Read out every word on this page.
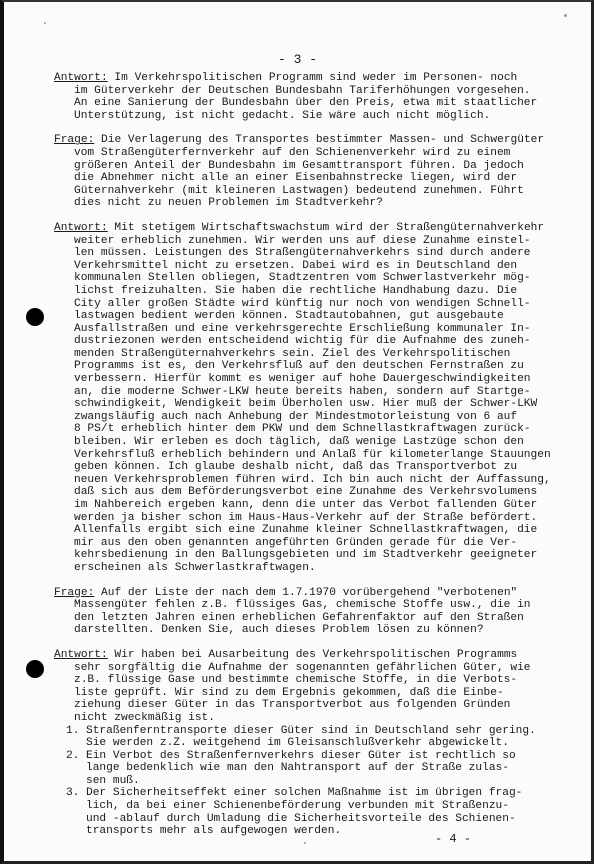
- 3 -
Antwort: Im Verkehrspolitischen Programm sind weder im Personen- noch
im Güterverkehr der Deutschen Bundesbahn Tariferhöhungen vorgesehen.
An eine Sanierung der Bundesbahn über den Preis, etwa mit staatlicher
Unterstützung, ist nicht gedacht. Sie wäre auch nicht möglich.
Frage: Die Verlagerung des Transportes bestimmter Massen- und Schwergüter
vom Straßengüterfernverkehr auf den Schienenverkehr wird zu einem
größeren Anteil der Bundesbahn im Gesamttransport führen. Da jedoch
die Abnehmer nicht alle an einer Eisenbahnstrecke liegen, wird der
Güternahverkehr (mit kleineren Lastwagen) bedeutend zunehmen. Führt
dies nicht zu neuen Problemen im Stadtverkehr?
Antwort: Mit stetigem Wirtschaftswachstum wird der Straßengüternahverkehr
weiter erheblich zunehmen. Wir werden uns auf diese Zunahme einstel-
len müssen. Leistungen des Straßengüternahverkehrs sind durch andere
Verkehrsmittel nicht zu ersetzen. Dabei wird es in Deutschland den
kommunalen Stellen obliegen, Stadtzentren vom Schwerlastverkehr mög-
lichst freizuhalten. Sie haben die rechtliche Handhabung dazu. Die
City aller großen Städte wird künftig nur noch von wendigen Schnell-
lastwagen bedient werden können. Stadtautobahnen, gut ausgebaute
Ausfallstraßen und eine verkehrsgerechte Erschließung kommunaler In-
dustriezonen werden entscheidend wichtig für die Aufnahme des zuneh-
menden Straßengüternahverkehrs sein. Ziel des Verkehrspolitischen
Programms ist es, den Verkehrsfluß auf den deutschen Fernstraßen zu
verbessern. Hierfür kommt es weniger auf hohe Dauergeschwindigkeiten
an, die moderne Schwer-LKW heute bereits haben, sondern auf Startge-
schwindigkeit, Wendigkeit beim Überholen usw. Hier muß der Schwer-LKW
zwangsläufig auch nach Anhebung der Mindestmotorleistung von 6 auf
8 PS/t erheblich hinter dem PKW und dem Schnellastkraftwagen zurück-
bleiben. Wir erleben es doch täglich, daß wenige Lastzüge schon den
Verkehrsfluß erheblich behindern und Anlaß für kilometerlange Stauungen
geben können. Ich glaube deshalb nicht, daß das Transportverbot zu
neuen Verkehrsproblemen führen wird. Ich bin auch nicht der Auffassung,
daß sich aus dem Beförderungsverbot eine Zunahme des Verkehrsvolumens
im Nahbereich ergeben kann, denn die unter das Verbot fallenden Güter
werden ja bisher schon im Haus-Haus-Verkehr auf der Straße befördert.
Allenfalls ergibt sich eine Zunahme kleiner Schnellastkraftwagen, die
mir aus den oben genannten angeführten Gründen gerade für die Ver-
kehrsbedienung in den Ballungsgebieten und im Stadtverkehr geeigneter
erscheinen als Schwerlastkraftwagen.
Frage: Auf der Liste der nach dem 1.7.1970 vorübergehend "verbotenen"
Massengüter fehlen z.B. flüssiges Gas, chemische Stoffe usw., die in
den letzten Jahren einen erheblichen Gefahrenfaktor auf den Straßen
darstellten. Denken Sie, auch dieses Problem lösen zu können?
Antwort: Wir haben bei Ausarbeitung des Verkehrspolitischen Programms
sehr sorgfältig die Aufnahme der sogenannten gefährlichen Güter, wie
z.B. flüssige Gase und bestimmte chemische Stoffe, in die Verbots-
liste geprüft. Wir sind zu dem Ergebnis gekommen, daß die Einbe-
ziehung dieser Güter in das Transportverbot aus folgenden Gründen
nicht zweckmäßig ist.
1. Straßenferntransporte dieser Güter sind in Deutschland sehr gering.
Sie werden z.Z. weitgehend im Gleisanschlußverkehr abgewickelt.
2. Ein Verbot des Straßenfernverkehrs dieser Güter ist rechtlich so
lange bedenklich wie man den Nahtransport auf der Straße zulas-
sen muß.
3. Der Sicherheitseffekt einer solchen Maßnahme ist im übrigen frag-
lich, da bei einer Schienenbeförderung verbunden mit Straßenzu-
und -ablauf durch Umladung die Sicherheitsvorteile des Schienen-
transports mehr als aufgewogen werden.
- 4 -
